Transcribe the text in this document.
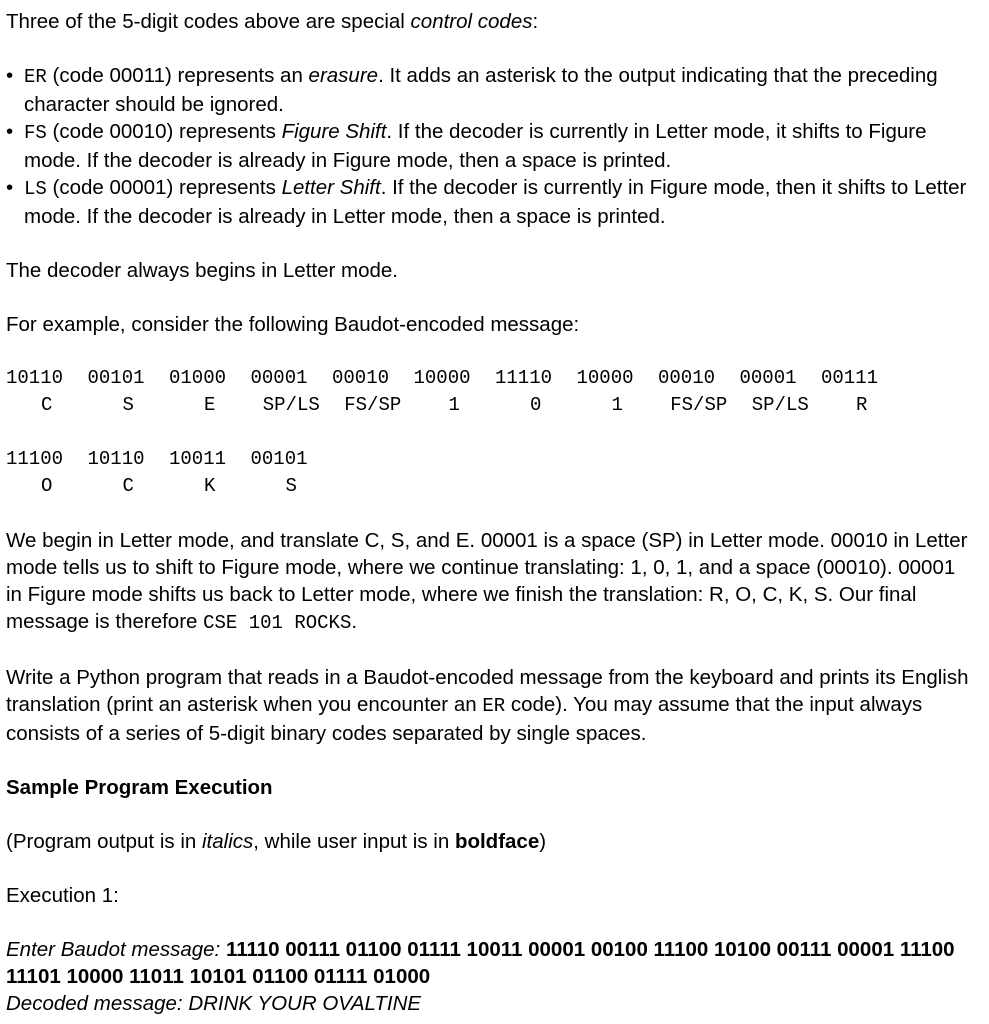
Three of the 5-digit codes above are special control codes:

• ER (code 00011) represents an erasure. It adds an asterisk to the output indicating that the preceding character should be ignored.
• FS (code 00010) represents Figure Shift. If the decoder is currently in Letter mode, it shifts to Figure mode. If the decoder is already in Figure mode, then a space is printed.
• LS (code 00001) represents Letter Shift. If the decoder is currently in Figure mode, then it shifts to Letter mode. If the decoder is already in Letter mode, then a space is printed.

The decoder always begins in Letter mode.

For example, consider the following Baudot-encoded message:

10110	00101	01000	00001	00010	10000	11110	10000	00010	00001	00111
C	S	E	SP/LS	FS/SP	1	0	1	FS/SP	SP/LS	R
11100	10110	10011	00101
O	C	K	S

We begin in Letter mode, and translate C, S, and E. 00001 is a space (SP) in Letter mode. 00010 in Letter mode tells us to shift to Figure mode, where we continue translating: 1, 0, 1, and a space (00010). 00001 in Figure mode shifts us back to Letter mode, where we finish the translation: R, O, C, K, S. Our final message is therefore CSE 101 ROCKS.

Write a Python program that reads in a Baudot-encoded message from the keyboard and prints its English translation (print an asterisk when you encounter an ER code). You may assume that the input always consists of a series of 5-digit binary codes separated by single spaces.

Sample Program Execution

(Program output is in italics, while user input is in boldface)

Execution 1:

Enter Baudot message: 11110 00111 01100 01111 10011 00001 00100 11100 10100 00111 00001 11100 11101 10000 11011 10101 01100 01111 01000
Decoded message: DRINK YOUR OVALTINE
